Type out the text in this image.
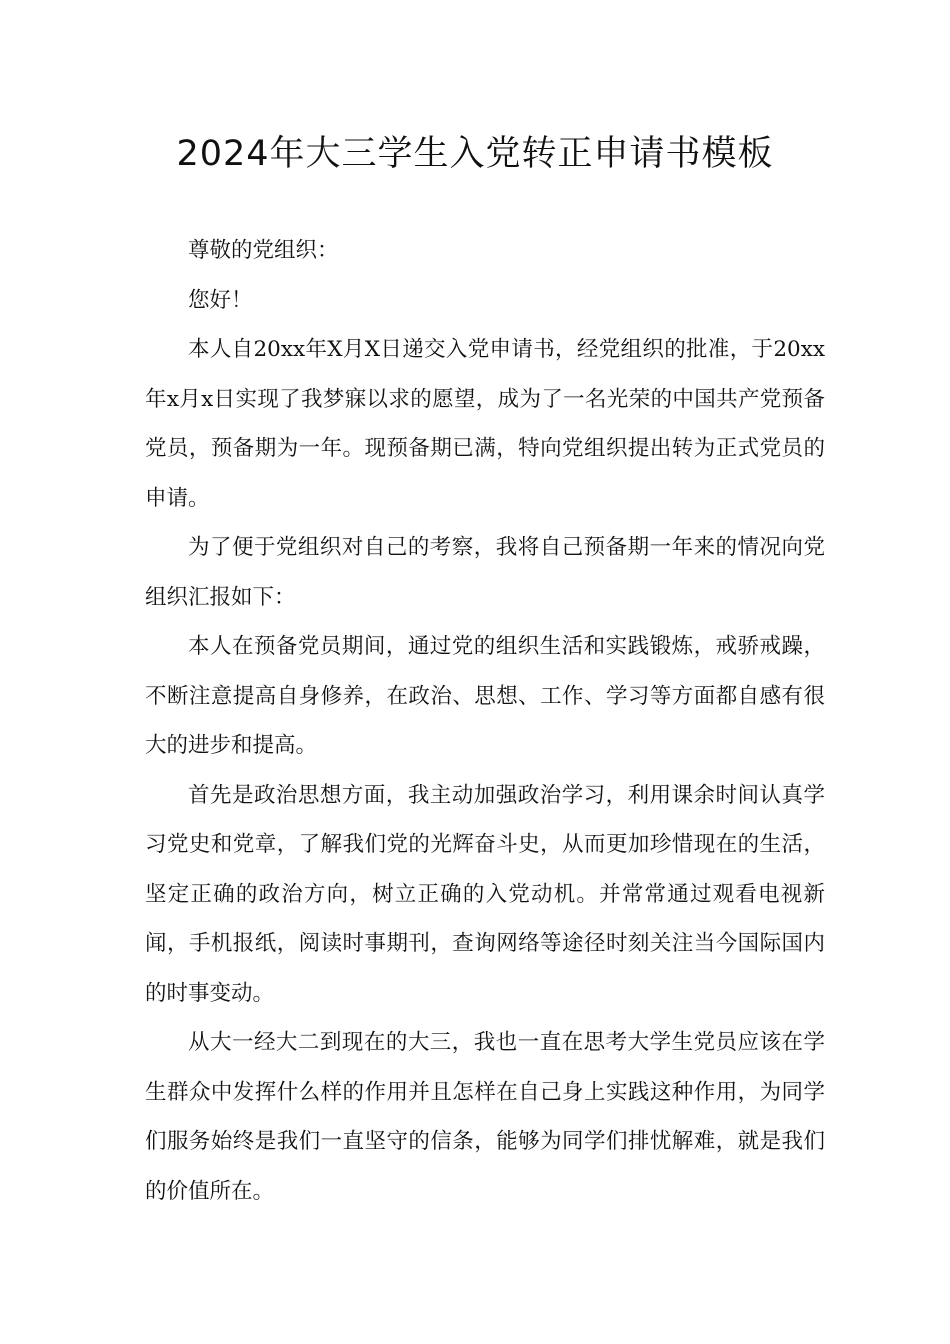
2024年大三学生入党转正申请书模板

尊敬的党组织：

您好！

本人自20xx年X月X日递交入党申请书，经党组织的批准，于20xx年x月x日实现了我梦寐以求的愿望，成为了一名光荣的中国共产党预备党员，预备期为一年。现预备期已满，特向党组织提出转为正式党员的申请。

为了便于党组织对自己的考察，我将自己预备期一年来的情况向党组织汇报如下：

本人在预备党员期间，通过党的组织生活和实践锻炼，戒骄戒躁，不断注意提高自身修养，在政治、思想、工作、学习等方面都自感有很大的进步和提高。

首先是政治思想方面，我主动加强政治学习，利用课余时间认真学习党史和党章，了解我们党的光辉奋斗史，从而更加珍惜现在的生活，坚定正确的政治方向，树立正确的入党动机。并常常通过观看电视新闻，手机报纸，阅读时事期刊，查询网络等途径时刻关注当今国际国内的时事变动。

从大一经大二到现在的大三，我也一直在思考大学生党员应该在学生群众中发挥什么样的作用并且怎样在自己身上实践这种作用，为同学们服务始终是我们一直坚守的信条，能够为同学们排忧解难，就是我们的价值所在。
